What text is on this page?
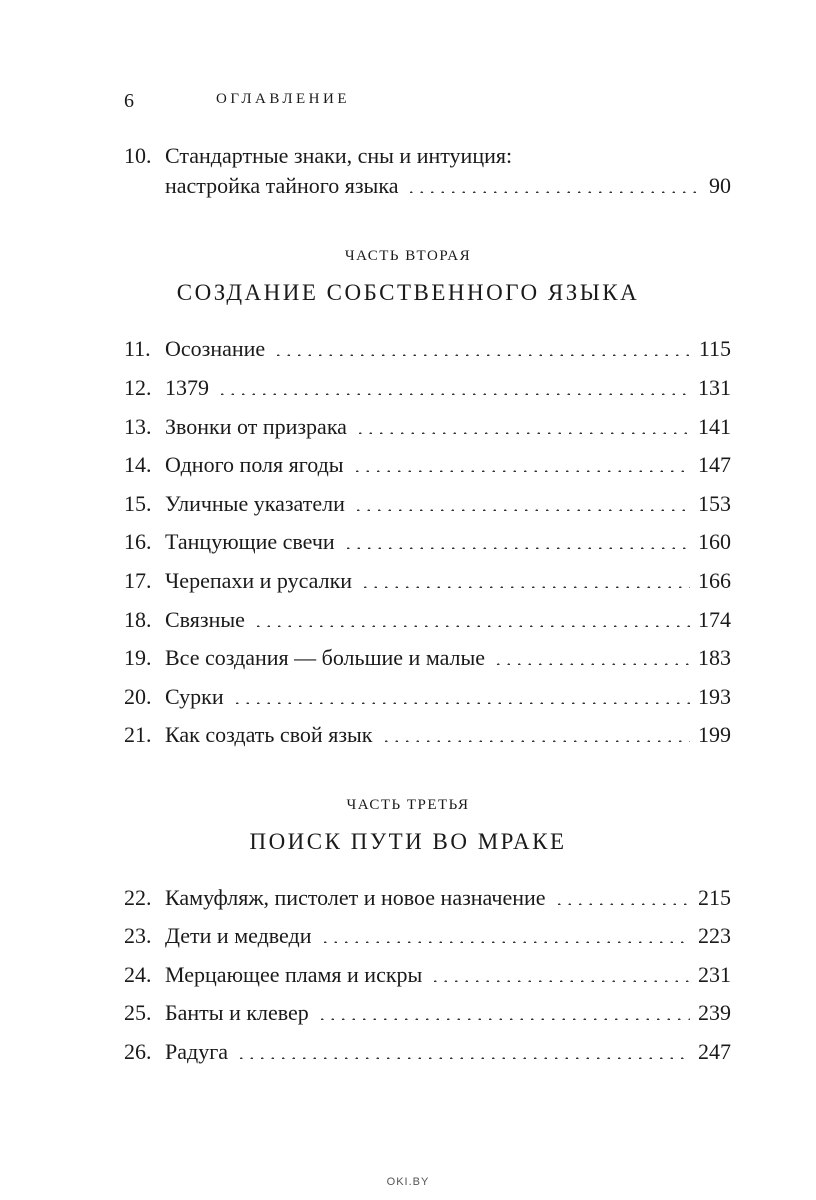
6	ОГЛАВЛЕНИЕ
10. Стандартные знаки, сны и интуиция:
настройка тайного языка	90
ЧАСТЬ ВТОРАЯ
СОЗДАНИЕ СОБСТВЕННОГО ЯЗЫКА
11. Осознание	115
12. 1379	131
13. Звонки от призрака	141
14. Одного поля ягоды	147
15. Уличные указатели	153
16. Танцующие свечи	160
17. Черепахи и русалки	166
18. Связные	174
19. Все создания — большие и малые	183
20. Сурки	193
21. Как создать свой язык	199
ЧАСТЬ ТРЕТЬЯ
ПОИСК ПУТИ ВО МРАКЕ
22. Камуфляж, пистолет и новое назначение	215
23. Дети и медведи	223
24. Мерцающее пламя и искры	231
25. Банты и клевер	239
26. Радуга	247
OKI.BY
